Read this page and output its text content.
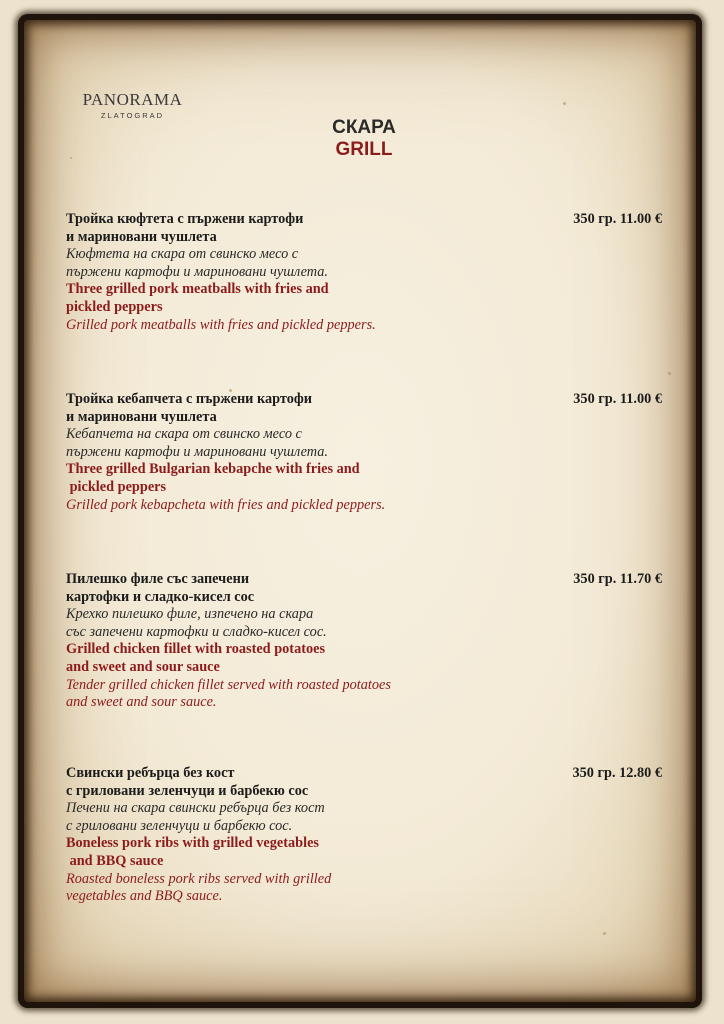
PANORAMA
ZLATOGRAD
СКАРА
GRILL
Тройка кюфтета с пържени картофи
и мариновани чушлета
Кюфтета на скара от свинско месо с
пържени картофи и мариновани чушлета.
Three grilled pork meatballs with fries and
pickled peppers
Grilled pork meatballs with fries and pickled peppers.
350 гр. 11.00 €
Тройка кебапчета с пържени картофи
и мариновани чушлета
Кебапчета на скара от свинско месо с
пържени картофи и мариновани чушлета.
Three grilled Bulgarian kebapche with fries and
pickled peppers
Grilled pork kebapcheta with fries and pickled peppers.
350 гр. 11.00 €
Пилешко филе със запечени
картофки и сладко-кисел сос
Крехко пилешко филе, изпечено на скара
със запечени картофки и сладко-кисел сос.
Grilled chicken fillet with roasted potatoes
and sweet and sour sauce
Tender grilled chicken fillet served with roasted potatoes
and sweet and sour sauce.
350 гр. 11.70 €
Свински ребърца без кост
с гриловани зеленчуци и барбекю сос
Печени на скара свински ребърца без кост
с гриловани зеленчуци и барбекю сос.
Boneless pork ribs with grilled vegetables
and BBQ sauce
Roasted boneless pork ribs served with grilled
vegetables and BBQ sauce.
350 гр. 12.80 €
